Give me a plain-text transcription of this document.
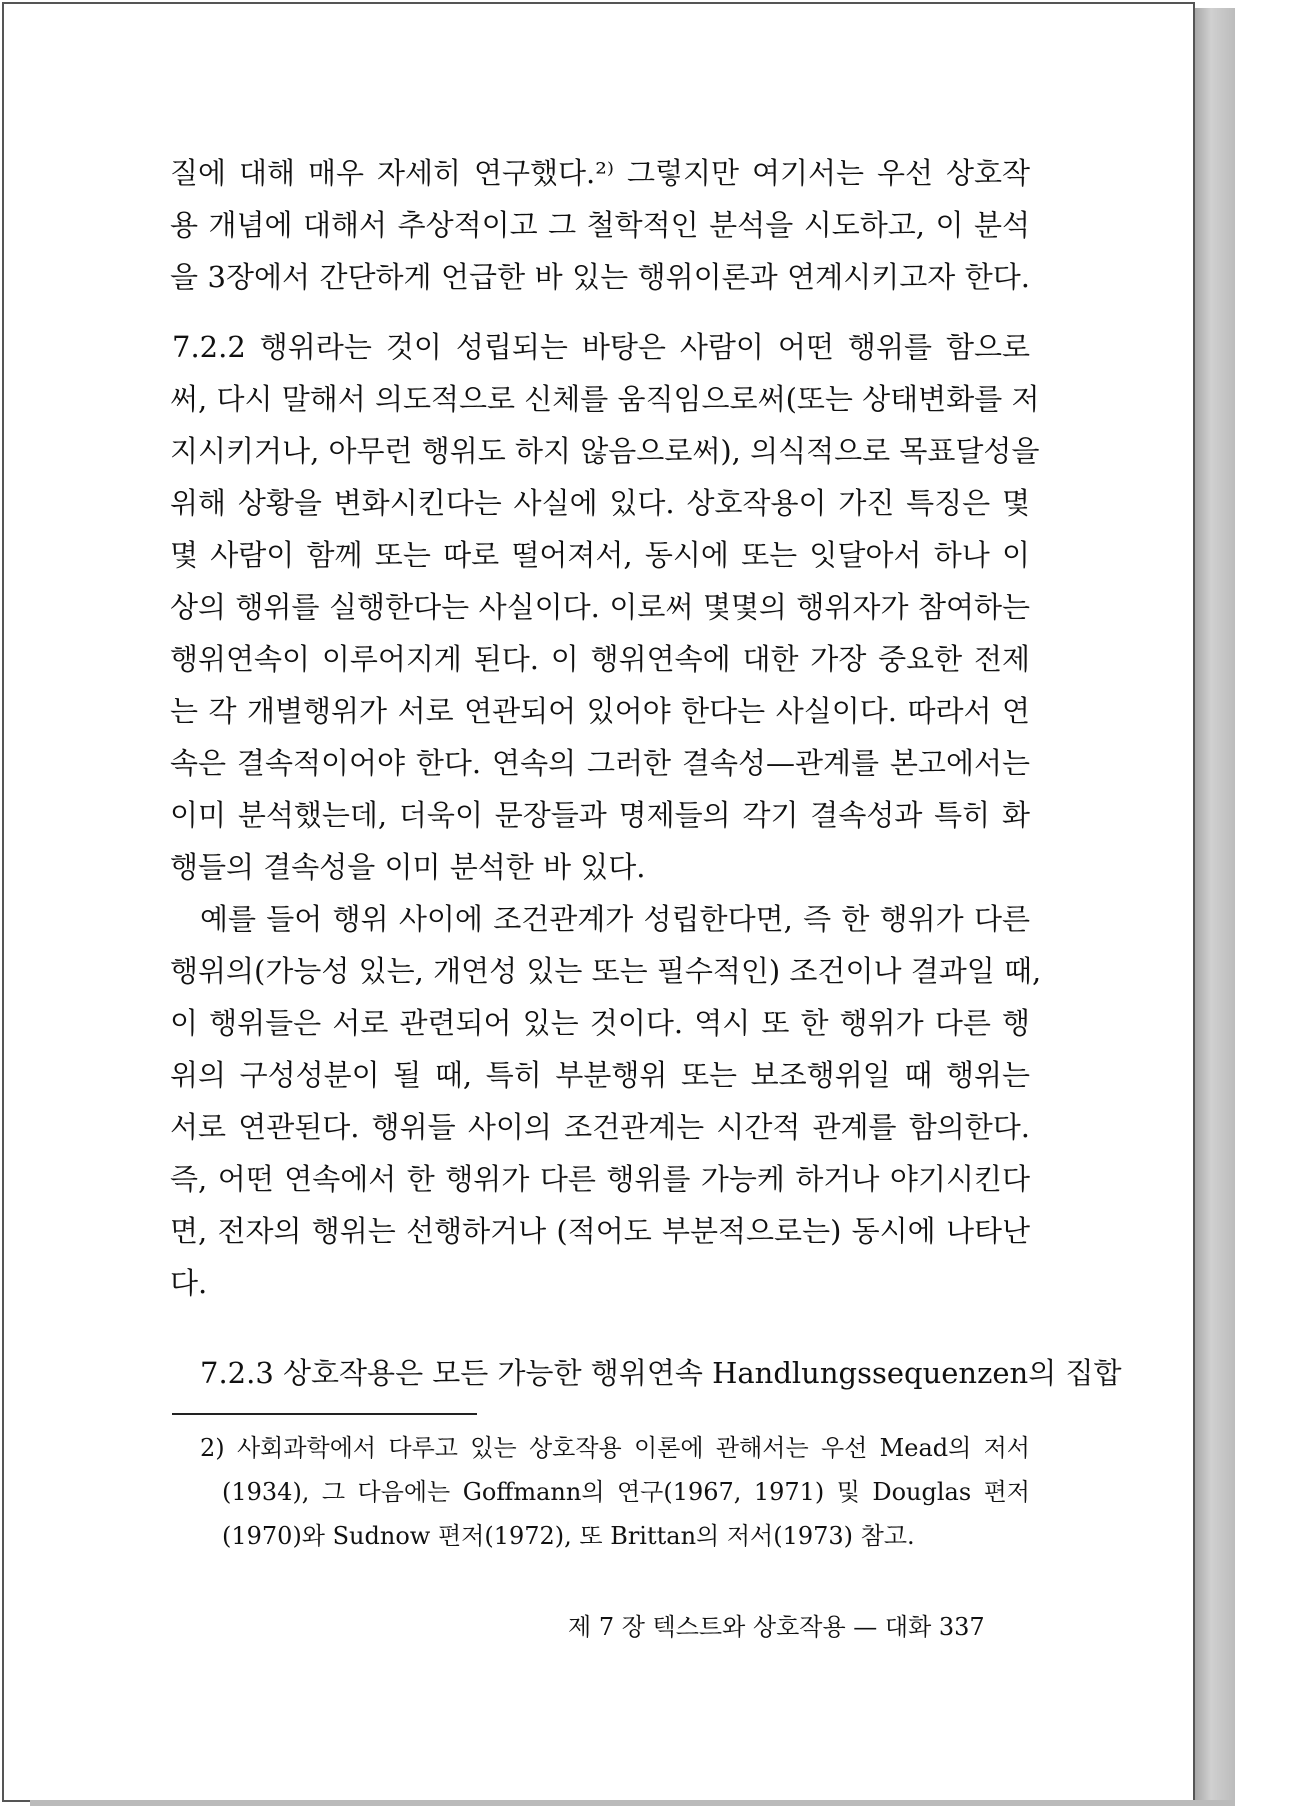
질에 대해 매우 자세히 연구했다.²⁾ 그렇지만 여기서는 우선 상호작
용 개념에 대해서 추상적이고 그 철학적인 분석을 시도하고, 이 분석
을 3장에서 간단하게 언급한 바 있는 행위이론과 연계시키고자 한다.
7.2.2 행위라는 것이 성립되는 바탕은 사람이 어떤 행위를 함으로
써, 다시 말해서 의도적으로 신체를 움직임으로써(또는 상태변화를 저
지시키거나, 아무런 행위도 하지 않음으로써), 의식적으로 목표달성을
위해 상황을 변화시킨다는 사실에 있다. 상호작용이 가진 특징은 몇
몇 사람이 함께 또는 따로 떨어져서, 동시에 또는 잇달아서 하나 이
상의 행위를 실행한다는 사실이다. 이로써 몇몇의 행위자가 참여하는
행위연속이 이루어지게 된다. 이 행위연속에 대한 가장 중요한 전제
는 각 개별행위가 서로 연관되어 있어야 한다는 사실이다. 따라서 연
속은 결속적이어야 한다. 연속의 그러한 결속성—관계를 본고에서는
이미 분석했는데, 더욱이 문장들과 명제들의 각기 결속성과 특히 화
행들의 결속성을 이미 분석한 바 있다.
예를 들어 행위 사이에 조건관계가 성립한다면, 즉 한 행위가 다른
행위의(가능성 있는, 개연성 있는 또는 필수적인) 조건이나 결과일 때,
이 행위들은 서로 관련되어 있는 것이다. 역시 또 한 행위가 다른 행
위의 구성성분이 될 때, 특히 부분행위 또는 보조행위일 때 행위는
서로 연관된다. 행위들 사이의 조건관계는 시간적 관계를 함의한다.
즉, 어떤 연속에서 한 행위가 다른 행위를 가능케 하거나 야기시킨다
면, 전자의 행위는 선행하거나 (적어도 부분적으로는) 동시에 나타난
다.
7.2.3 상호작용은 모든 가능한 행위연속 Handlungssequenzen의 집합
2) 사회과학에서 다루고 있는 상호작용 이론에 관해서는 우선 Mead의 저서
(1934), 그 다음에는 Goffmann의 연구(1967, 1971) 및 Douglas 편저
(1970)와 Sudnow 편저(1972), 또 Brittan의 저서(1973) 참고.
제 7 장 텍스트와 상호작용 — 대화 337
